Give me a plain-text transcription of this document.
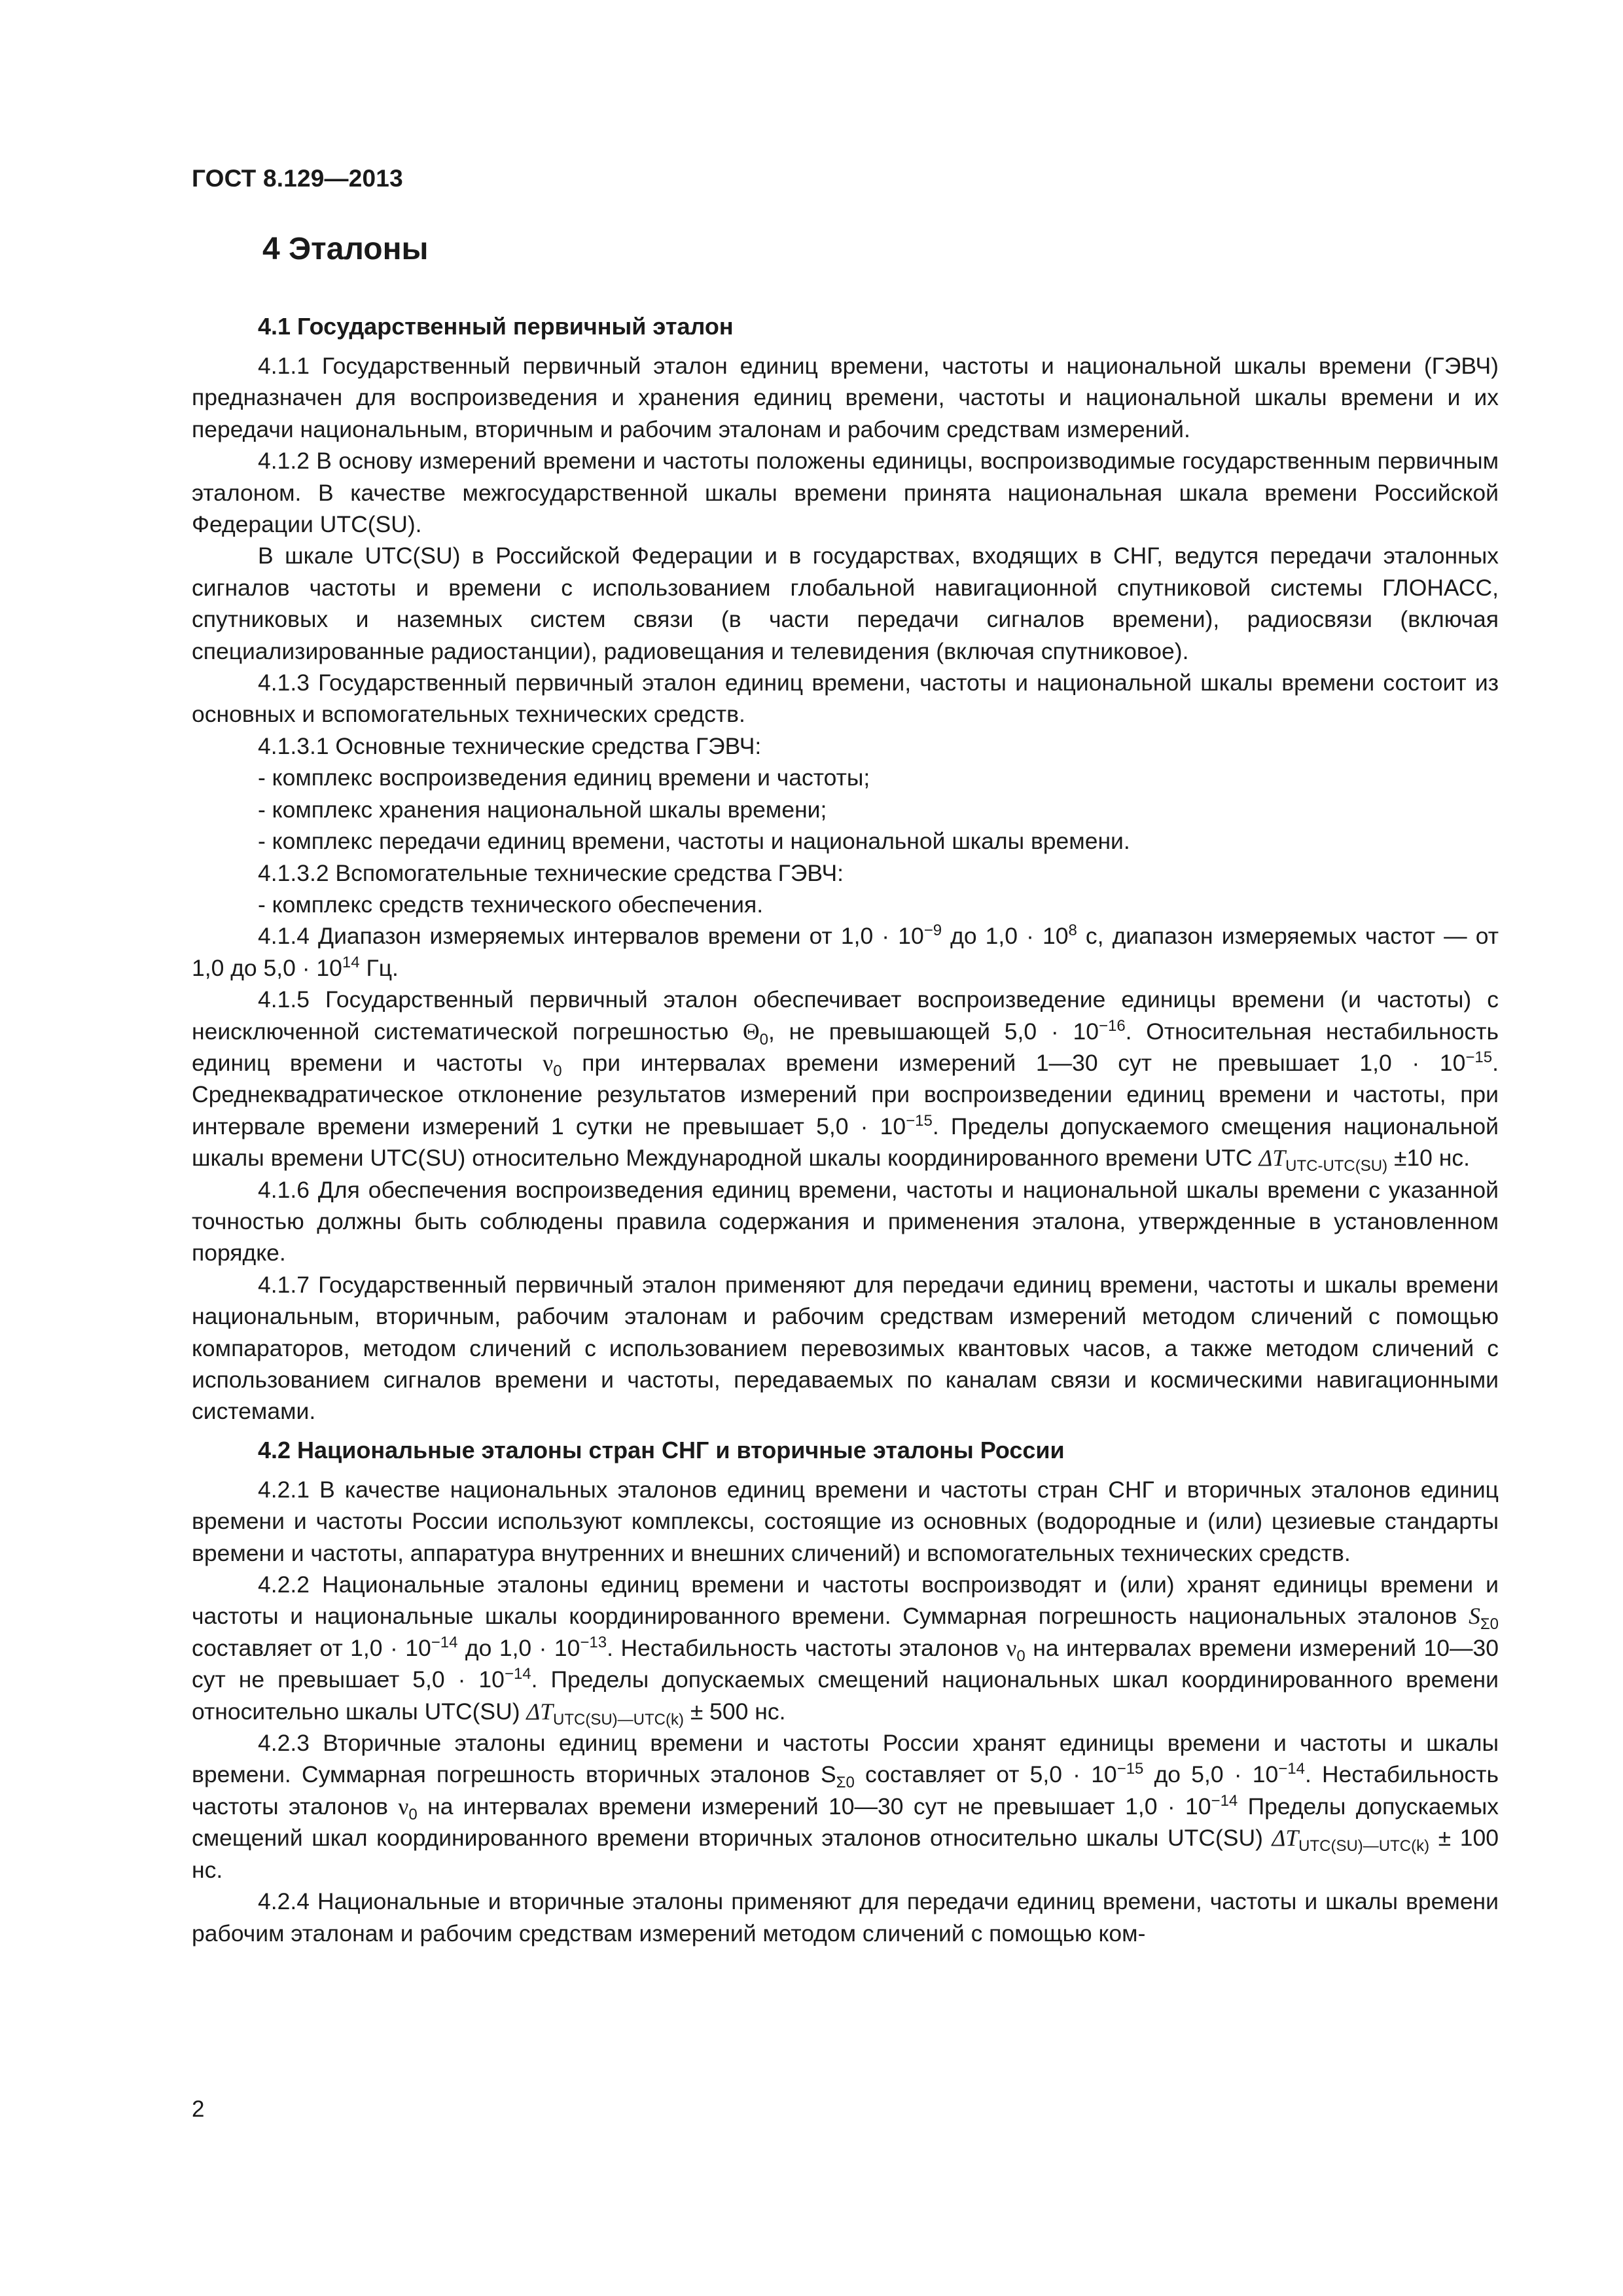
ГОСТ 8.129—2013
4 Эталоны
4.1 Государственный первичный эталон

4.1.1 Государственный первичный эталон единиц времени, частоты и национальной шкалы времени (ГЭВЧ) предназначен для воспроизведения и хранения единиц времени, частоты и национальной шкалы времени и их передачи национальным, вторичным и рабочим эталонам и рабочим средствам измерений.

4.1.2 В основу измерений времени и частоты положены единицы, воспроизводимые государственным первичным эталоном. В качестве межгосударственной шкалы времени принята национальная шкала времени Российской Федерации UTC(SU).

В шкале UTC(SU) в Российской Федерации и в государствах, входящих в СНГ, ведутся передачи эталонных сигналов частоты и времени с использованием глобальной навигационной спутниковой системы ГЛОНАСС, спутниковых и наземных систем связи (в части передачи сигналов времени), радиосвязи (включая специализированные радиостанции), радиовещания и телевидения (включая спутниковое).

4.1.3 Государственный первичный эталон единиц времени, частоты и национальной шкалы времени состоит из основных и вспомогательных технических средств.

4.1.3.1 Основные технические средства ГЭВЧ:

- комплекс воспроизведения единиц времени и частоты;

- комплекс хранения национальной шкалы времени;

- комплекс передачи единиц времени, частоты и национальной шкалы времени.

4.1.3.2 Вспомогательные технические средства ГЭВЧ:

- комплекс средств технического обеспечения.

4.1.4 Диапазон измеряемых интервалов времени от $1,0 \cdot 10^{-9}$ до $1,0 \cdot 10^8$ с, диапазон измеряемых частот — от 1,0 до $5,0 \cdot 10^{14}$ Гц.

4.1.5 Государственный первичный эталон обеспечивает воспроизведение единицы времени (и частоты) с неисключенной систематической погрешностью $\Theta_0$, не превышающей $5,0 \cdot 10^{-16}$. Относительная нестабильность единиц времени и частоты $\nu_0$ при интервалах времени измерений 1—30 сут не превышает $1,0 \cdot 10^{-15}$. Среднеквадратическое отклонение результатов измерений при воспроизведении единиц времени и частоты, при интервале времени измерений 1 сутки не превышает $5,0 \cdot 10^{-15}$. Пределы допускаемого смещения национальной шкалы времени UTC(SU) относительно Международной шкалы координированного времени UTC $\Delta T_{UTC-UTC(SU)} \pm 10$ нс.

4.1.6 Для обеспечения воспроизведения единиц времени, частоты и национальной шкалы времени с указанной точностью должны быть соблюдены правила содержания и применения эталона, утвержденные в установленном порядке.

4.1.7 Государственный первичный эталон применяют для передачи единиц времени, частоты и шкалы времени национальным, вторичным, рабочим эталонам и рабочим средствам измерений методом сличений с помощью компараторов, методом сличений с использованием перевозимых квантовых часов, а также методом сличений с использованием сигналов времени и частоты, передаваемых по каналам связи и космическими навигационными системами.

4.2 Национальные эталоны стран СНГ и вторичные эталоны России

4.2.1 В качестве национальных эталонов единиц времени и частоты стран СНГ и вторичных эталонов единиц времени и частоты России используют комплексы, состоящие из основных (водородные и (или) цезиевые стандарты времени и частоты, аппаратура внутренних и внешних сличений) и вспомогательных технических средств.

4.2.2 Национальные эталоны единиц времени и частоты воспроизводят и (или) хранят единицы времени и частоты и национальные шкалы координированного времени. Суммарная погрешность национальных эталонов $S_{\Sigma 0}$ составляет от $1,0 \cdot 10^{-14}$ до $1,0 \cdot 10^{-13}$. Нестабильность частоты эталонов $\nu_0$ на интервалах времени измерений 10—30 сут не превышает $5,0 \cdot 10^{-14}$. Пределы допускаемых смещений национальных шкал координированного времени относительно шкалы UTC(SU) $\Delta T_{UTC(SU)—UTC(k)} \pm 500$ нс.

4.2.3 Вторичные эталоны единиц времени и частоты России хранят единицы времени и частоты и шкалы времени. Суммарная погрешность вторичных эталонов $S_{\Sigma 0}$ составляет от $5,0 \cdot 10^{-15}$ до $5,0 \cdot 10^{-14}$. Нестабильность частоты эталонов $\nu_0$ на интервалах времени измерений 10—30 сут не превышает $1,0 \cdot 10^{-14}$ Пределы допускаемых смещений шкал координированного времени вторичных эталонов относительно шкалы UTC(SU) $\Delta T_{UTC(SU)—UTC(k)} \pm 100$ нс.

4.2.4 Национальные и вторичные эталоны применяют для передачи единиц времени, частоты и шкалы времени рабочим эталонам и рабочим средствам измерений методом сличений с помощью ком-

2
